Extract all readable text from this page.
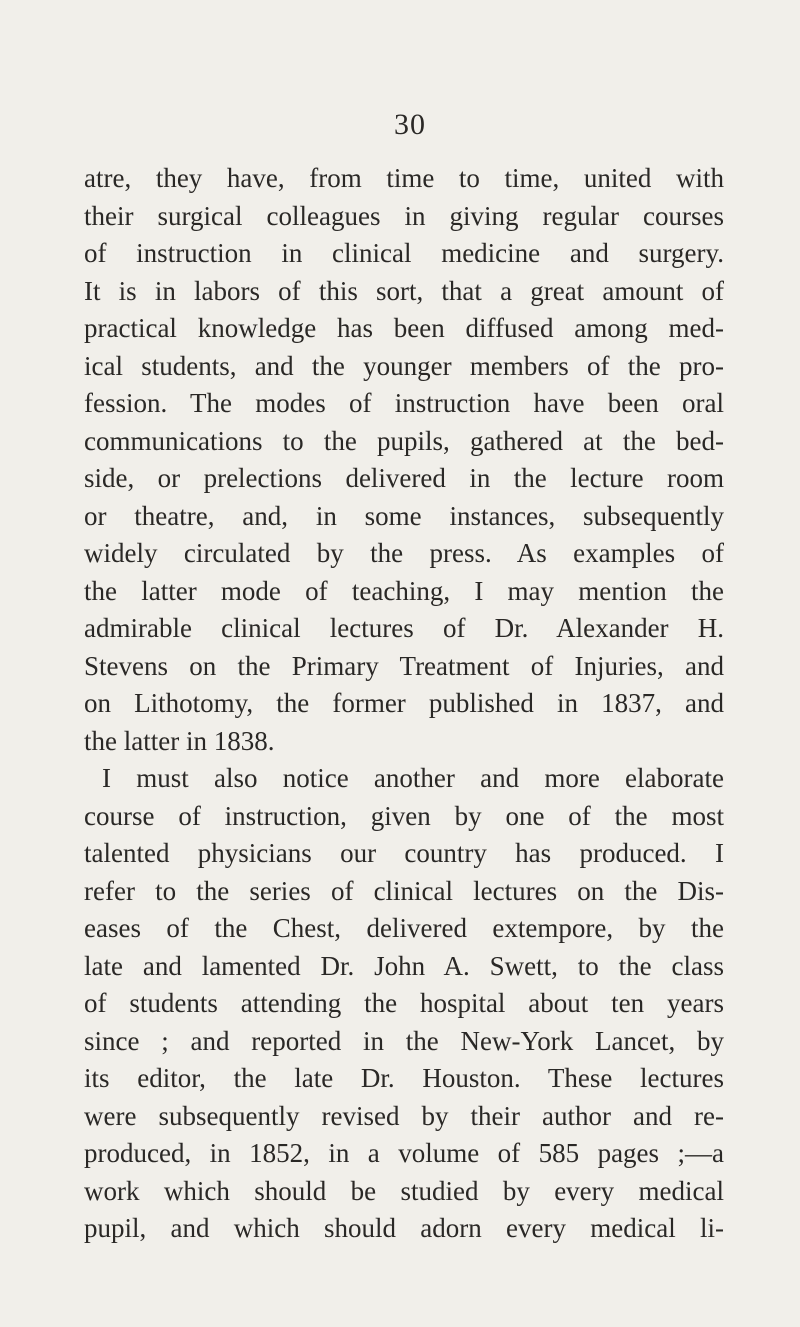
30
atre, they have, from time to time, united with
their surgical colleagues in giving regular courses
of instruction in clinical medicine and surgery.
It is in labors of this sort, that a great amount of
practical knowledge has been diffused among med-
ical students, and the younger members of the pro-
fession. The modes of instruction have been oral
communications to the pupils, gathered at the bed-
side, or prelections delivered in the lecture room
or theatre, and, in some instances, subsequently
widely circulated by the press. As examples of
the latter mode of teaching, I may mention the
admirable clinical lectures of Dr. Alexander H.
Stevens on the Primary Treatment of Injuries, and
on Lithotomy, the former published in 1837, and
the latter in 1838.
I must also notice another and more elaborate
course of instruction, given by one of the most
talented physicians our country has produced. I
refer to the series of clinical lectures on the Dis-
eases of the Chest, delivered extempore, by the
late and lamented Dr. John A. Swett, to the class
of students attending the hospital about ten years
since ; and reported in the New-York Lancet, by
its editor, the late Dr. Houston. These lectures
were subsequently revised by their author and re-
produced, in 1852, in a volume of 585 pages ;—a
work which should be studied by every medical
pupil, and which should adorn every medical li-
